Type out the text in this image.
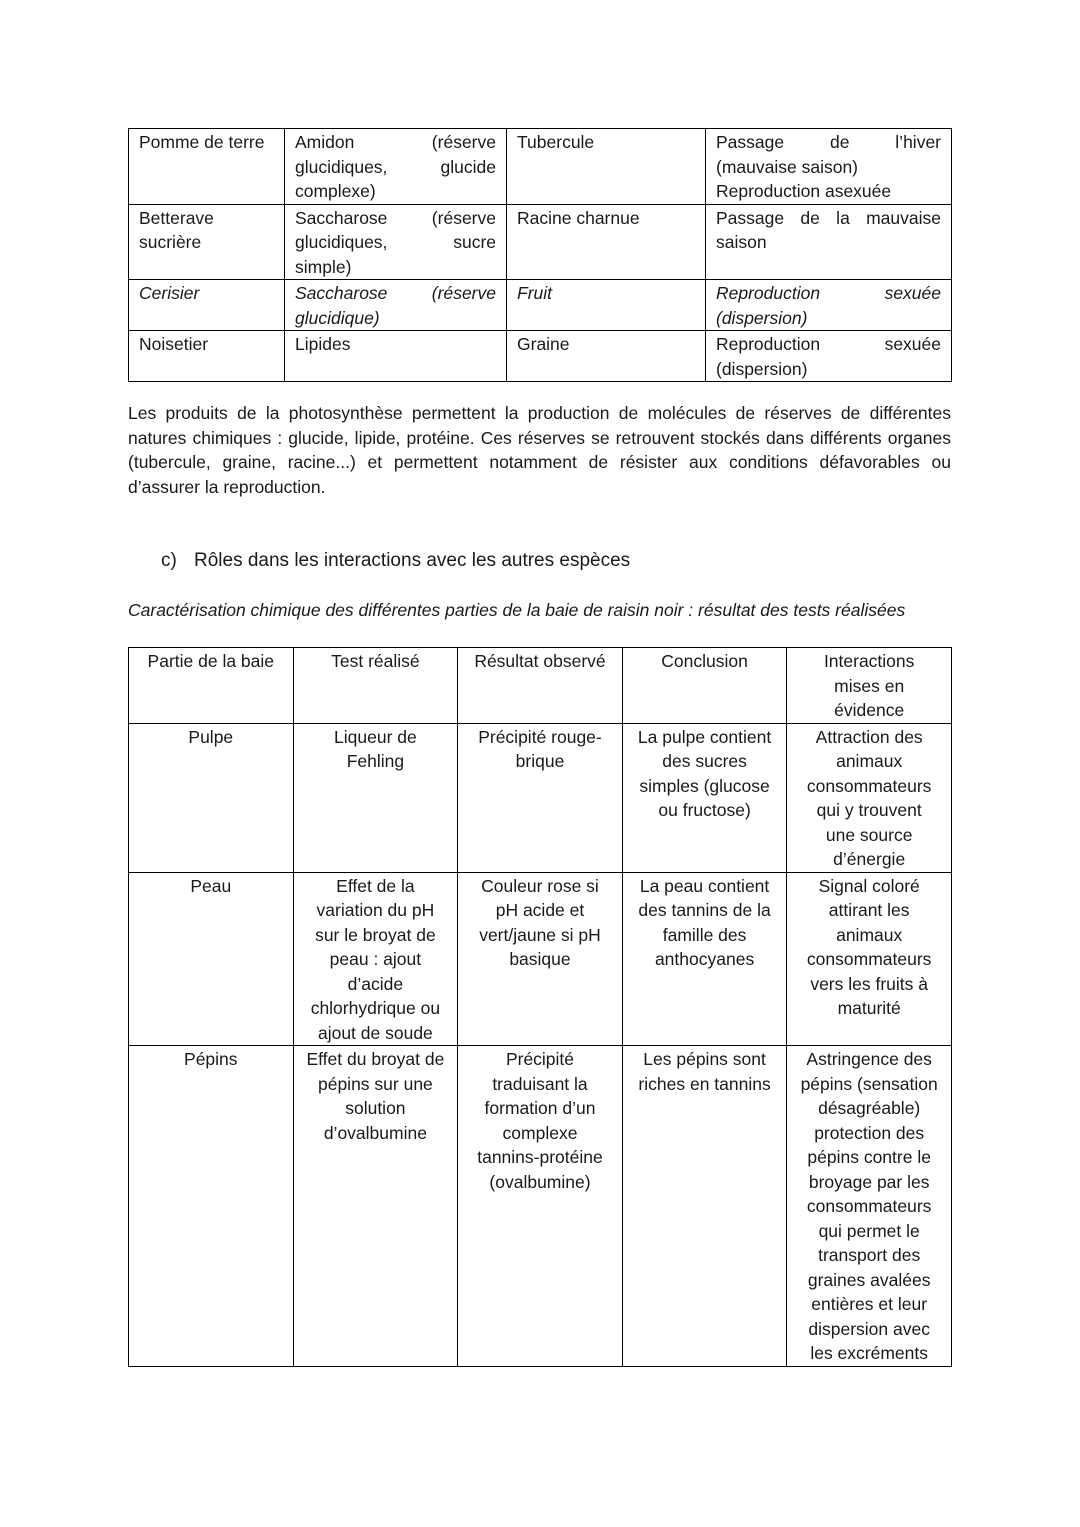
Pomme de terre	Amidon (réserve
glucidiques, glucide
complexe)	Tubercule	Passage de l’hiver
(mauvaise saison)
Reproduction asexuée

Betterave
sucrière	Saccharose (réserve
glucidiques, sucre
simple)	Racine charnue	Passage de la mauvaise
saison

Cerisier	Saccharose (réserve
glucidique)	Fruit	Reproduction sexuée
(dispersion)

Noisetier	Lipides	Graine	Reproduction sexuée
(dispersion)

Les produits de la photosynthèse permettent la production de molécules de réserves de différentes natures chimiques : glucide, lipide, protéine. Ces réserves se retrouvent stockés dans différents organes (tubercule, graine, racine...) et permettent notamment de résister aux conditions défavorables ou d’assurer la reproduction.

c) Rôles dans les interactions avec les autres espèces
Caractérisation chimique des différentes parties de la baie de raisin noir : résultat des tests réalisées
Partie de la baie	Test réalisé	Résultat observé	Conclusion	Interactions mises en évidence
Pulpe	Liqueur de Fehling	Précipité rouge-brique	La pulpe contient des sucres simples (glucose ou fructose)	Attraction des animaux consommateurs qui y trouvent une source d’énergie
Peau	Effet de la variation du pH sur le broyat de peau : ajout d’acide chlorhydrique ou ajout de soude	Couleur rose si pH acide et vert/jaune si pH basique	La peau contient des tannins de la famille des anthocyanes	Signal coloré attirant les animaux consommateurs vers les fruits à maturité
Pépins	Effet du broyat de pépins sur une solution d’ovalbumine	Précipité traduisant la formation d’un complexe tannins-protéine (ovalbumine)	Les pépins sont riches en tannins	Astringence des pépins (sensation désagréable) protection des pépins contre le broyage par les consommateurs qui permet le transport des graines avalées entières et leur dispersion avec les excréments
